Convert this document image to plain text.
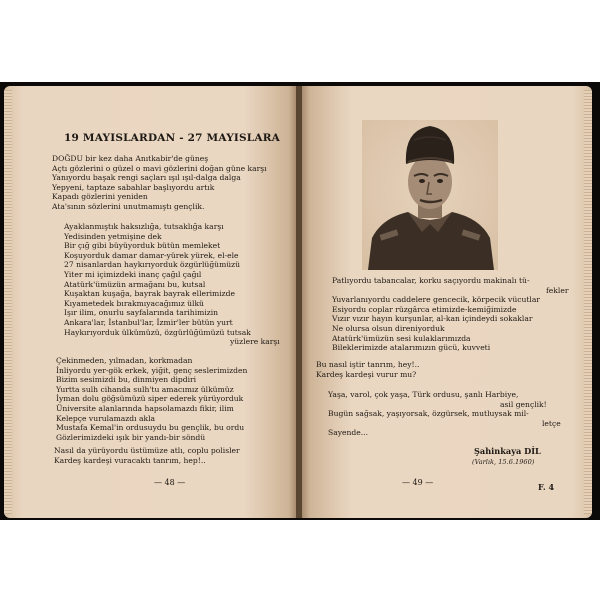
19 MAYISLARDAN - 27 MAYISLARA
DOĞDU bir kez daha Anıtkabir'de güneş
Açtı gözlerini o güzel o mavi gözlerini doğan güne karşı
Yanıyordu başak rengi saçları ışıl ışıl-dalga dalga
Yepyeni, taptaze sabahlar başlıyordu artık
Kapadı gözlerini yeniden
Ata'sının sözlerini unutmamıştı gençlik.
Ayaklanmıştık haksızlığa, tutsaklığa karşı
Yedisinden yetmişine dek
Bir çığ gibi büyüyorduk bütün memleket
Koşuyorduk damar damar-yürek yürek, el-ele
27 nisanlardan haykırıyorduk özgürlüğümüzü
Yiter mi içimizdeki inanç çağıl çağıl
Atatürk'ümüzün armağanı bu, kutsal
Kuşaktan kuşağa, bayrak bayrak ellerimizde
Kıyametedek bırakmıyacağımız ülkü
Işır ilim, onurlu sayfalarında tarihimizin
Ankara'lar, İstanbul'lar, İzmir'ler bütün yurt
Haykırıyorduk ülkümüzü, özgürlüğümüzü tutsak
yüzlere karşı
Çekinmeden, yılmadan, korkmadan
İnliyordu yer-gök erkek, yiğit, genç seslerimizden
Bizim sesimizdi bu, dinmiyen dipdiri
Yurtta sulh cihanda sulh'tu amacımız ülkümüz
İyman dolu göğsümüzü siper ederek yürüyorduk
Üniversite alanlarında hapsolamazdı fikir, ilim
Kelepçe vurulamazdı akla
Mustafa Kemal'in ordusuydu bu gençlik, bu ordu
Gözlerimizdeki ışık bir yandı-bir söndü
Nasıl da yürüyordu üstümüze atlı, coplu polisler
Kardeş kardeşi vuracaktı tanrım, hep!..
— 48 —
Patlıyordu tabancalar, korku saçıyordu makinalı tü-
fekler
Yuvarlanıyordu caddelere gencecik, körpecik vücutlar
Esiyordu coplar rüzgârca etimizde-kemiğimizde
Vızır vızır hayın kurşunlar, al-kan içindeydi sokaklar
Ne olursa olsun direniyorduk
Atatürk'ümüzün sesi kulaklarımızda
Bileklerimizde atalarımızın gücü, kuvveti
Bu nasıl iştir tanrım, hey!..
Kardeş kardeşi vurur mu?
Yaşa, varol, çok yaşa, Türk ordusu, şanlı Harbiye,
asil gençlik!
Bugün sağsak, yaşıyorsak, özgürsek, mutluysak mil-
letçe
Sayende...
Şahinkaya DİL
(Varlık, 15.6.1960)
— 49 —	F. 4
